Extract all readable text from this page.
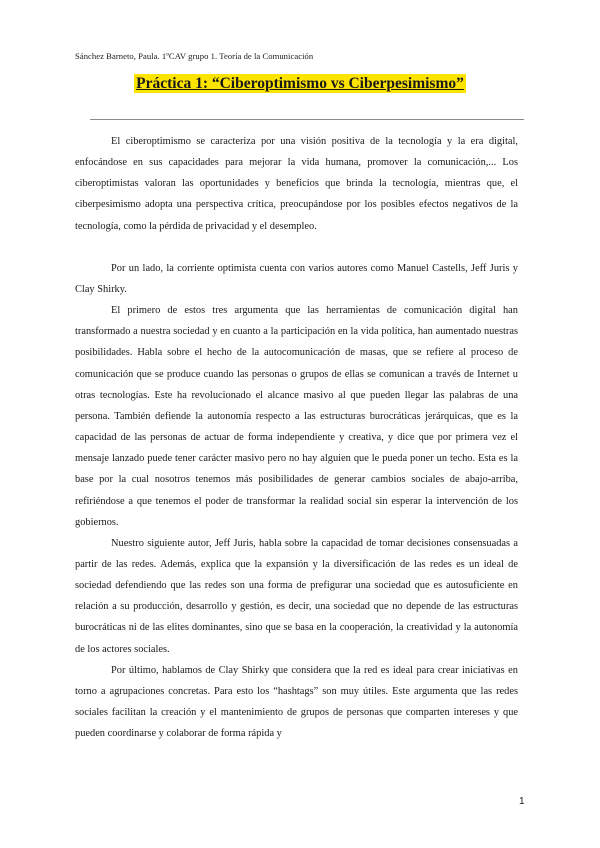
Sánchez Barneto, Paula. 1ºCAV grupo 1. Teoría de la Comunicación
Práctica 1: “Ciberoptimismo vs Ciberpesimismo”

El ciberoptimismo se caracteriza por una visión positiva de la tecnología y la era digital, enfocándose en sus capacidades para mejorar la vida humana, promover la comunicación,... Los ciberoptimistas valoran las oportunidades y beneficios que brinda la tecnología, mientras que, el ciberpesimismo adopta una perspectiva crítica, preocupándose por los posibles efectos negativos de la tecnología, como la pérdida de privacidad y el desempleo.

Por un lado, la corriente optimista cuenta con varios autores como Manuel Castells, Jeff Juris y Clay Shirky.

El primero de estos tres argumenta que las herramientas de comunicación digital han transformado a nuestra sociedad y en cuanto a la participación en la vida política, han aumentado nuestras posibilidades. Habla sobre el hecho de la autocomunicación de masas, que se refiere al proceso de comunicación que se produce cuando las personas o grupos de ellas se comunican a través de Internet u otras tecnologías. Este ha revolucionado el alcance masivo al que pueden llegar las palabras de una persona. También defiende la autonomía respecto a las estructuras burocráticas jerárquicas, que es la capacidad de las personas de actuar de forma independiente y creativa, y dice que por primera vez el mensaje lanzado puede tener carácter masivo pero no hay alguien que le pueda poner un techo. Esta es la base por la cual nosotros tenemos más posibilidades de generar cambios sociales de abajo-arriba, refiriéndose a que tenemos el poder de transformar la realidad social sin esperar la intervención de los gobiernos.

Nuestro siguiente autor, Jeff Juris, habla sobre la capacidad de tomar decisiones consensuadas a partir de las redes. Además, explica que la expansión y la diversificación de las redes es un ideal de sociedad defendiendo que las redes son una forma de prefigurar una sociedad que es autosuficiente en relación a su producción, desarrollo y gestión, es decir, una sociedad que no depende de las estructuras burocráticas ni de las elites dominantes, sino que se basa en la cooperación, la creatividad y la autonomía de los actores sociales.

Por último, hablamos de Clay Shirky que considera que la red es ideal para crear iniciativas en torno a agrupaciones concretas. Para esto los “hashtags” son muy útiles. Este argumenta que las redes sociales facilitan la creación y el mantenimiento de grupos de personas que comparten intereses y que pueden coordinarse y colaborar de forma rápida y

1
